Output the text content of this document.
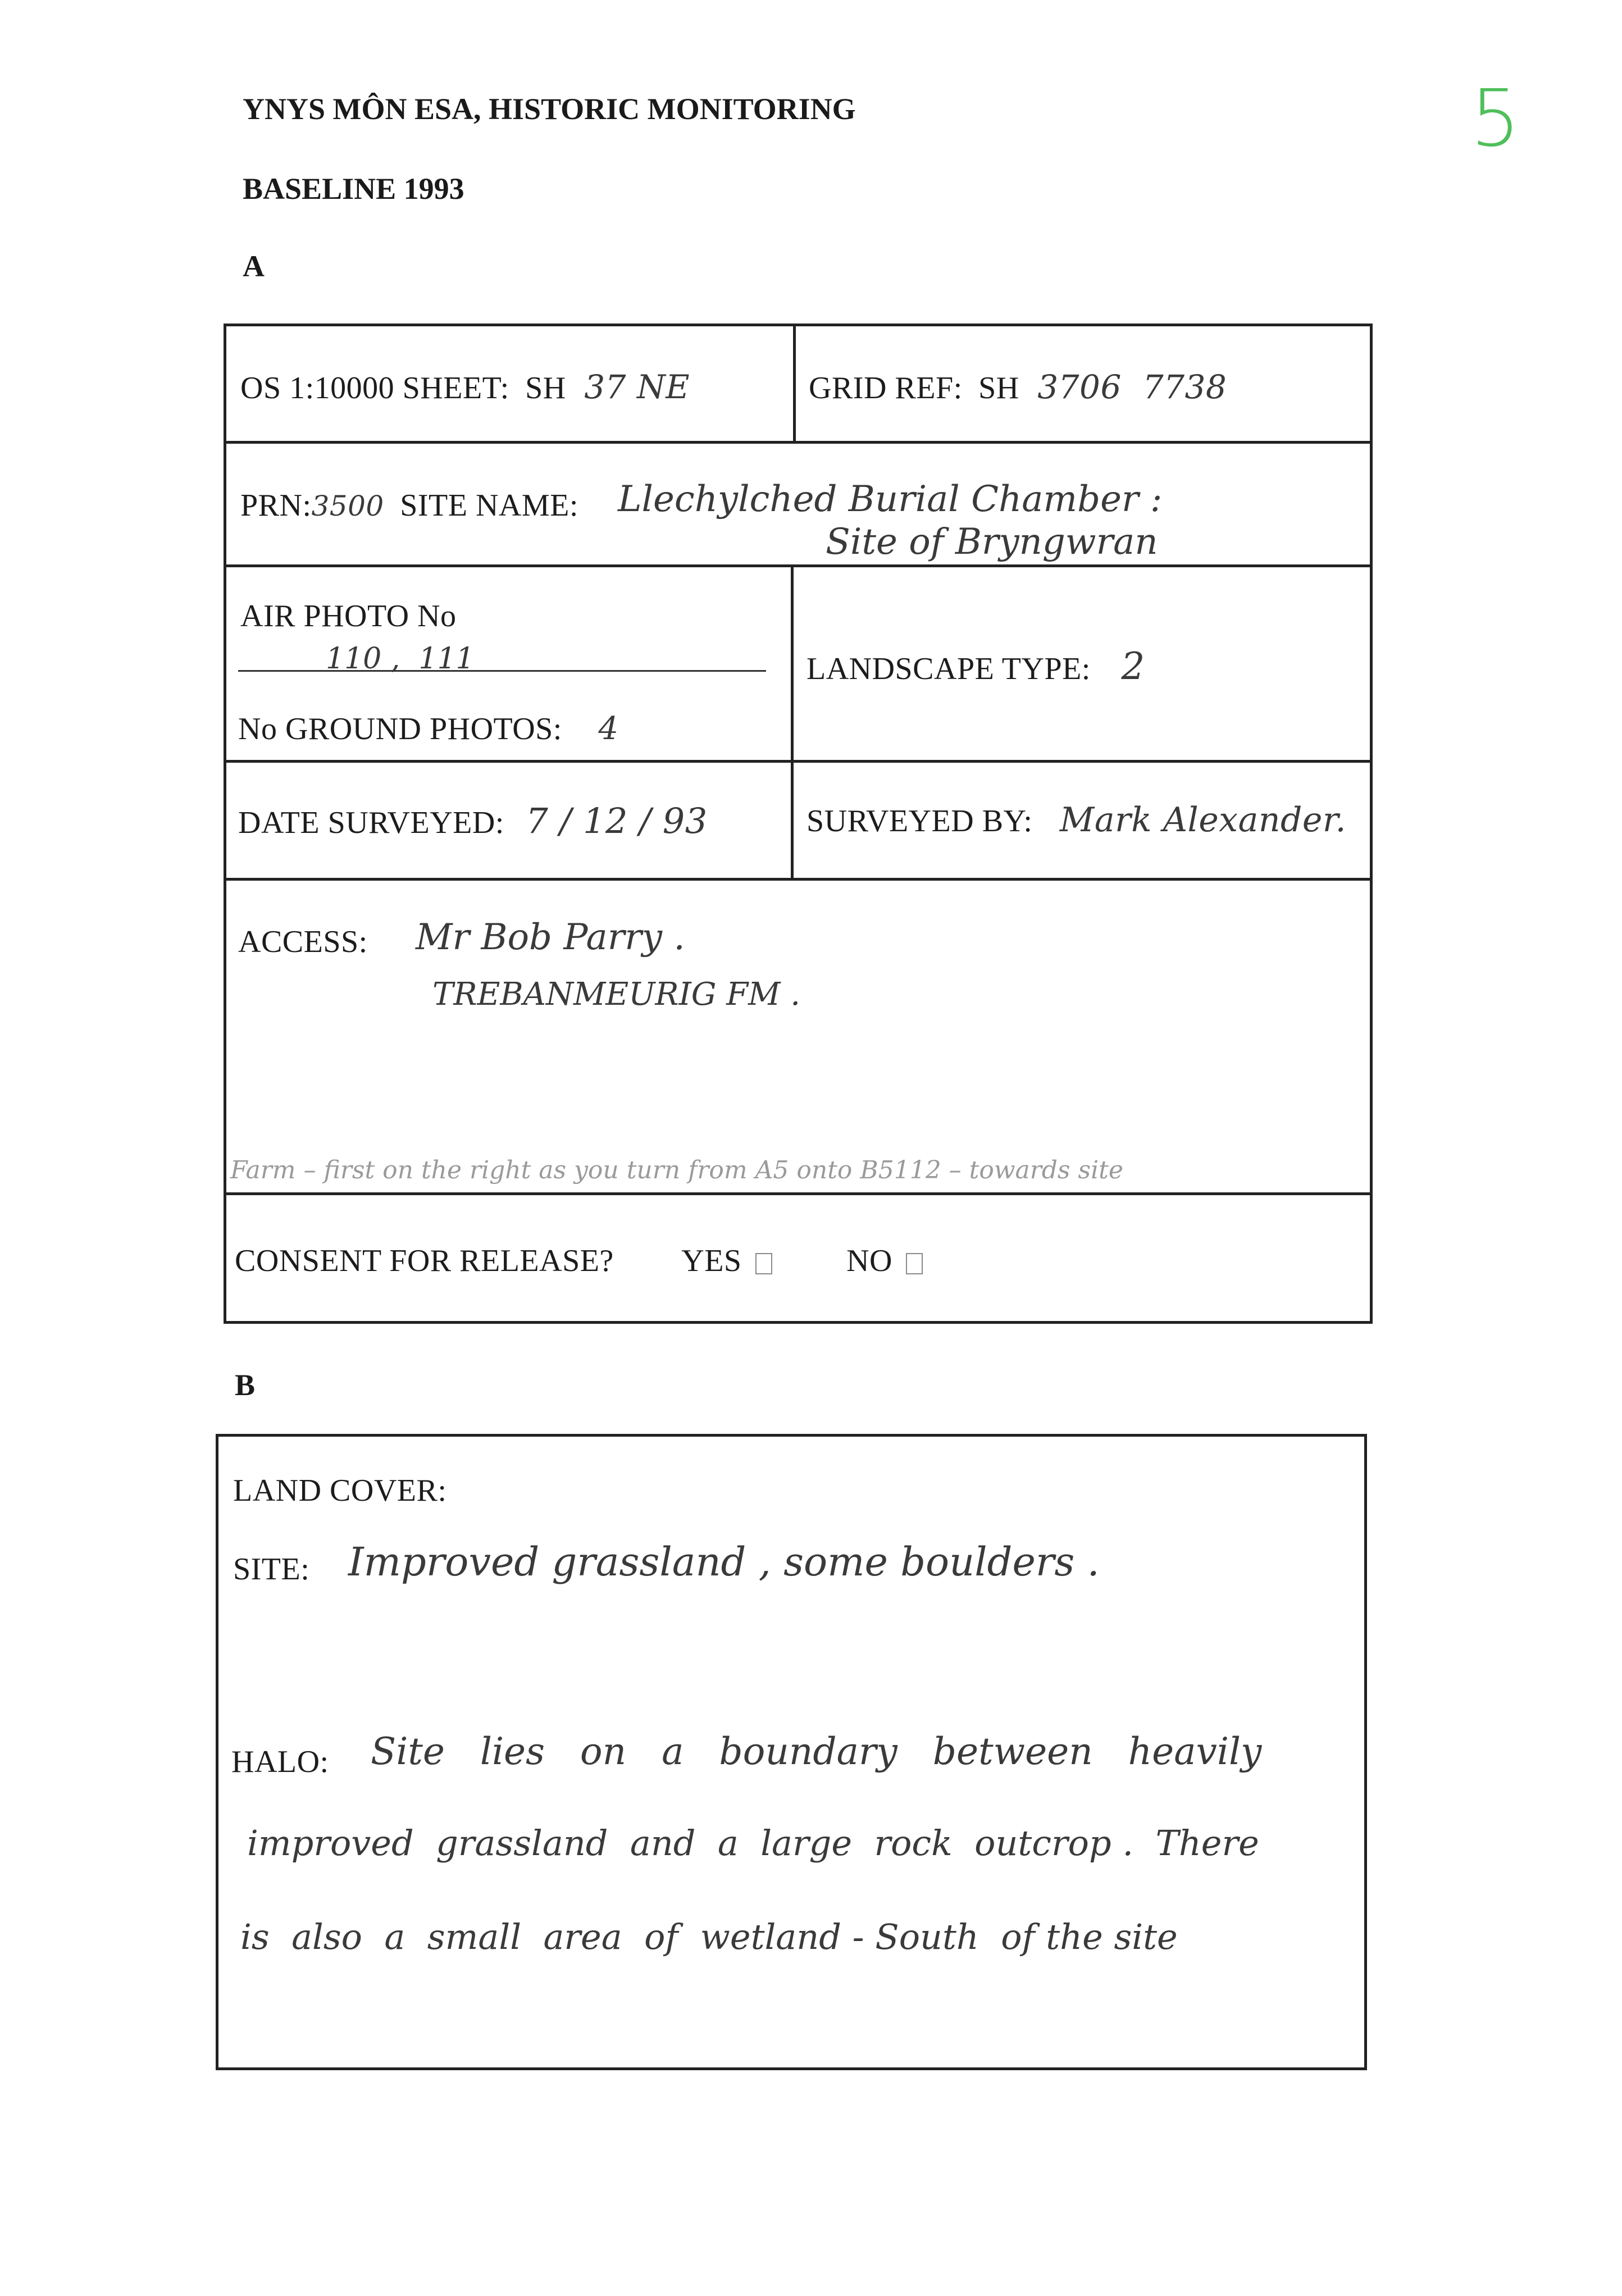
5
YNYS MÔN ESA, HISTORIC MONITORING
BASELINE 1993
A
OS 1:10000 SHEET: SH 37 NE	GRID REF: SH 3706  7738
PRN:3500 SITE NAME: Llechylched Burial Chamber :
Site of Bryngwran
AIR PHOTO No
110 ,  111
No GROUND PHOTOS: 4
LANDSCAPE TYPE: 2
DATE SURVEYED: 7 / 12 / 93	SURVEYED BY: Mark Alexander.
ACCESS: Mr Bob Parry .
TREBANMEURIG FM .
Farm – first on the right as you turn from A5 onto B5112 – towards site
CONSENT FOR RELEASE? YES	NO
B
LAND COVER:
SITE: Improved grassland , some boulders .
HALO: Site   lies   on   a   boundary   between   heavily
improved  grassland  and  a  large  rock  outcrop .  There
is  also  a  small  area  of  wetland - South  of the site
